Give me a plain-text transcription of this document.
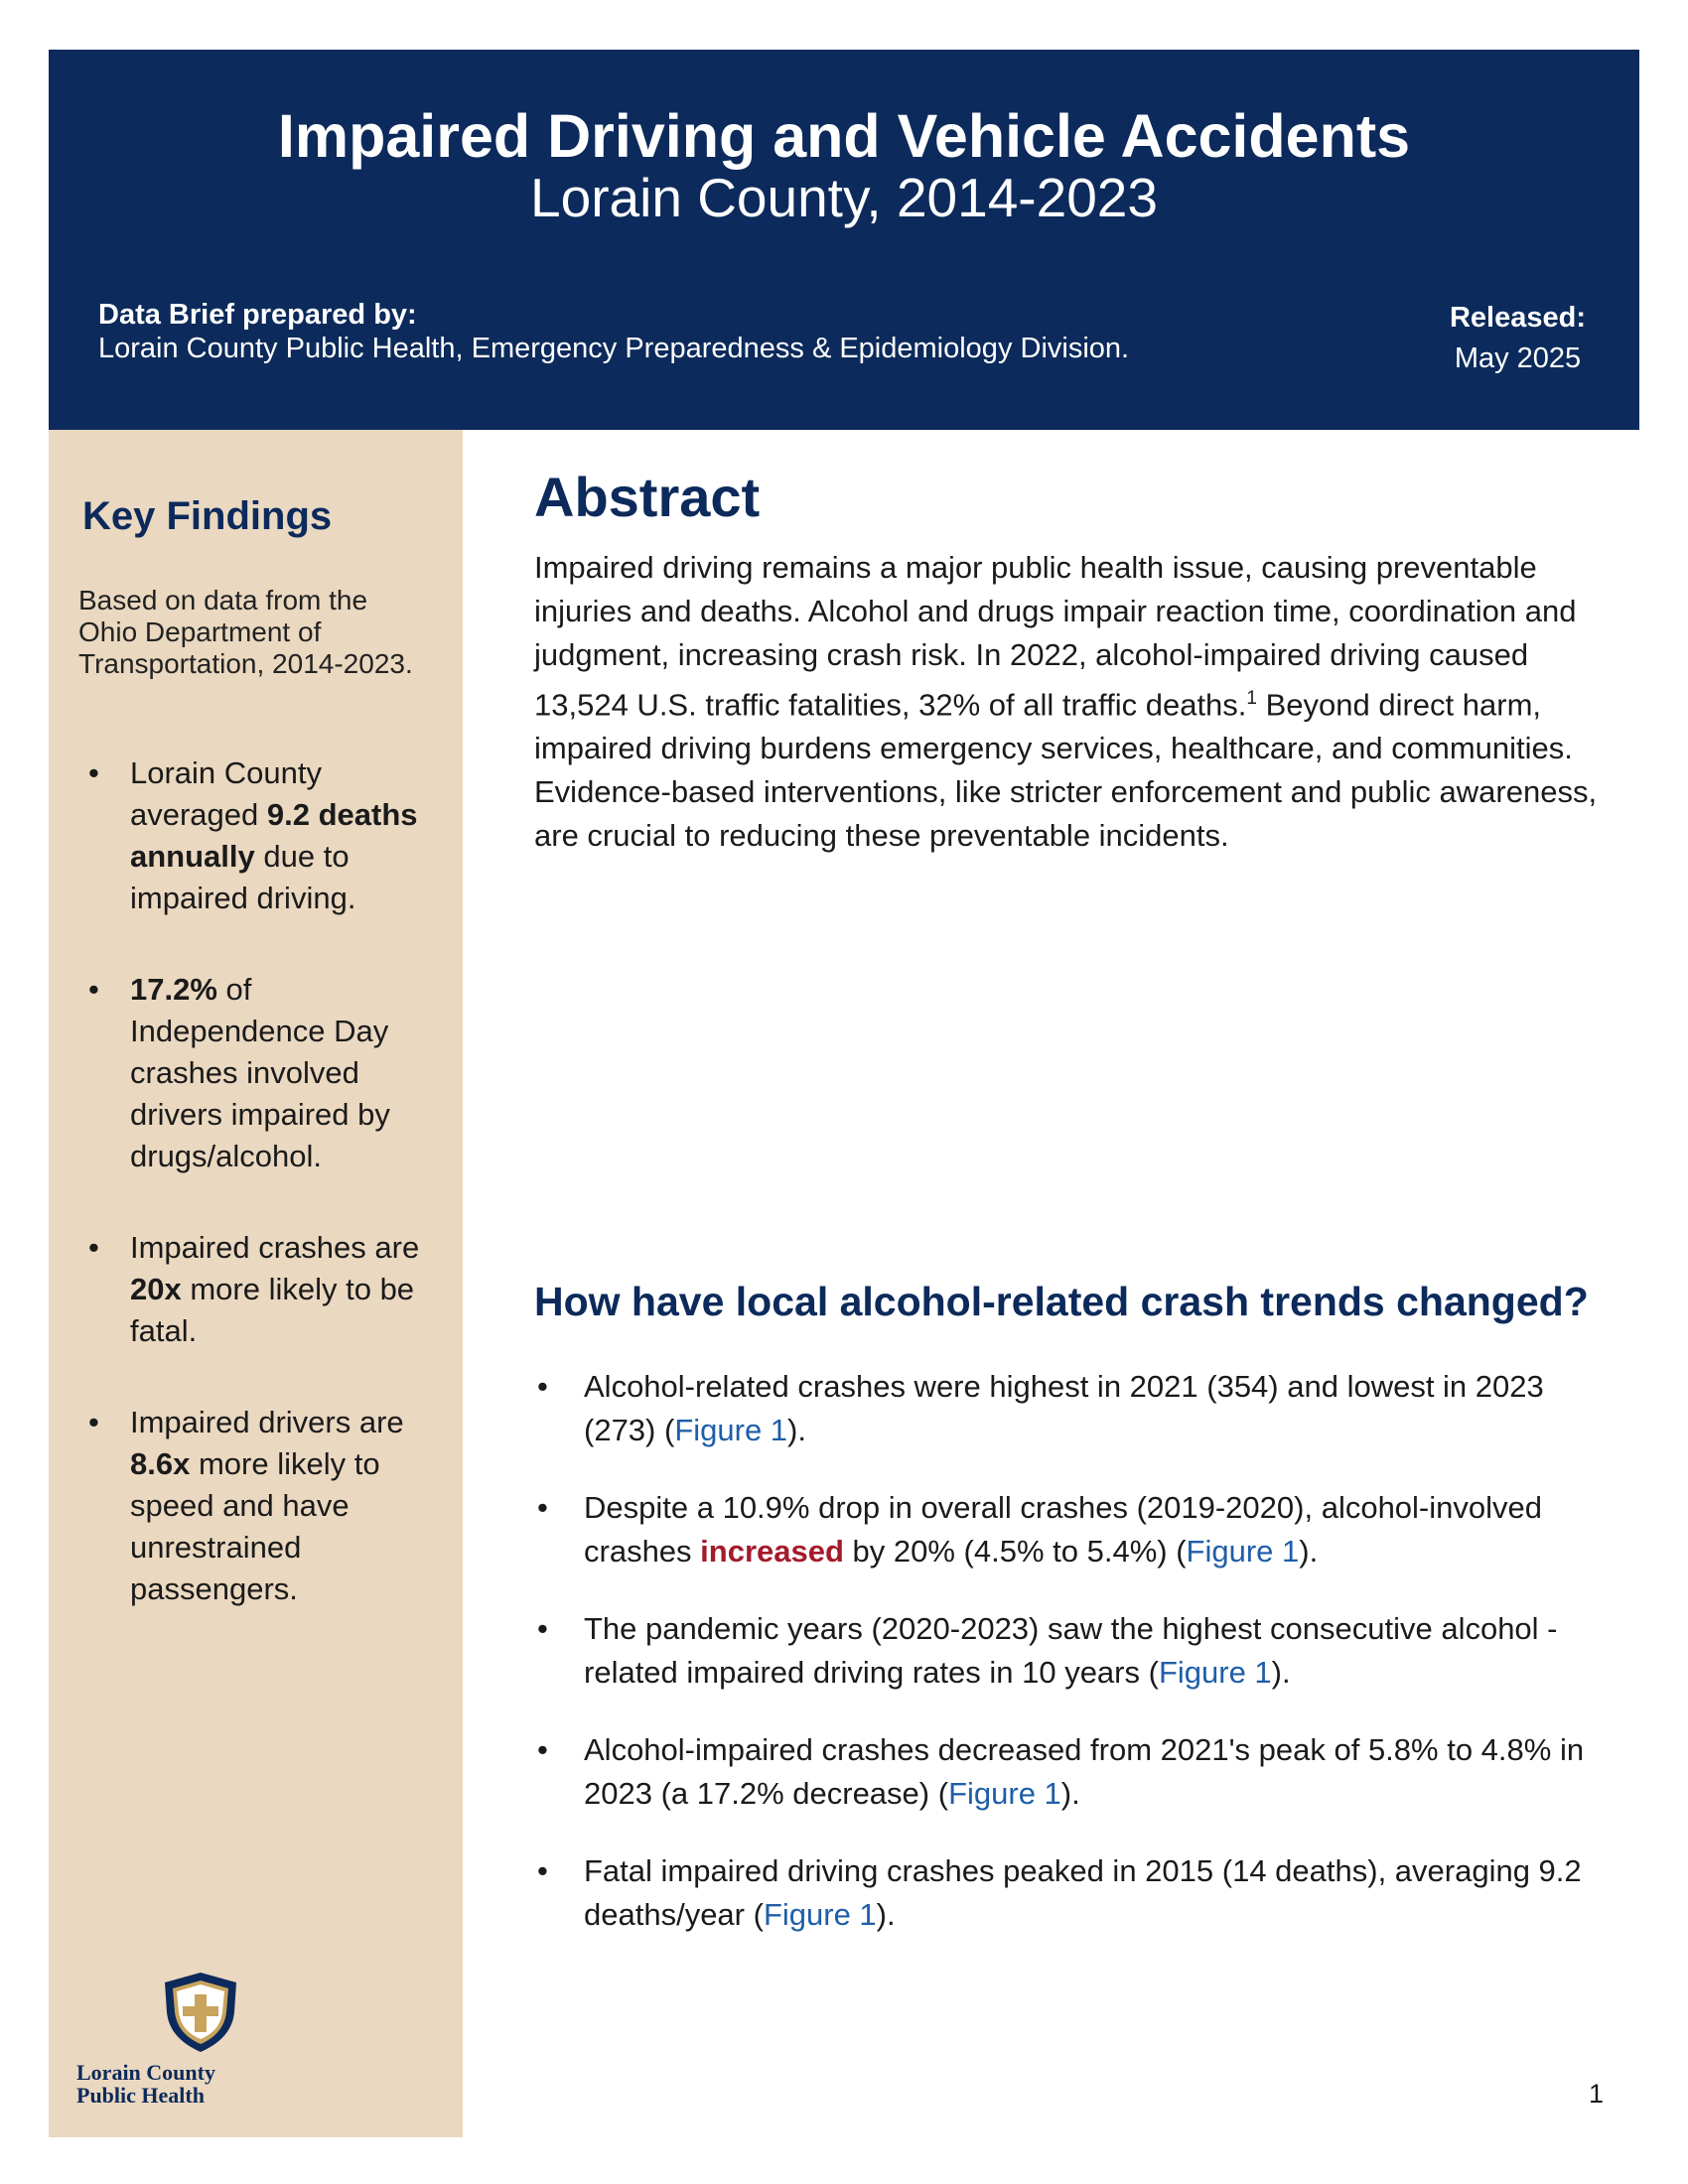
Impaired Driving and Vehicle Accidents
Lorain County, 2014-2023
Data Brief prepared by:
Lorain County Public Health, Emergency Preparedness & Epidemiology Division.
Released:
May 2025
Key Findings
Based on data from the Ohio Department of Transportation, 2014-2023.
• Lorain County averaged 9.2 deaths annually due to impaired driving.
• 17.2% of Independence Day crashes involved drivers impaired by drugs/alcohol.
• Impaired crashes are 20x more likely to be fatal.
• Impaired drivers are 8.6x more likely to speed and have unrestrained passengers.
Lorain County
Public Health
Abstract
Impaired driving remains a major public health issue, causing preventable injuries and deaths. Alcohol and drugs impair reaction time, coordination and judgment, increasing crash risk. In 2022, alcohol-impaired driving caused 13,524 U.S. traffic fatalities, 32% of all traffic deaths.$^1$ Beyond direct harm, impaired driving burdens emergency services, healthcare, and communities. Evidence-based interventions, like stricter enforcement and public awareness, are crucial to reducing these preventable incidents.
How have local alcohol-related crash trends changed?
• Alcohol-related crashes were highest in 2021 (354) and lowest in 2023 (273) (Figure 1).
• Despite a 10.9% drop in overall crashes (2019-2020), alcohol-involved crashes increased by 20% (4.5% to 5.4%) (Figure 1).
• The pandemic years (2020-2023) saw the highest consecutive alcohol -related impaired driving rates in 10 years (Figure 1).
• Alcohol-impaired crashes decreased from 2021's peak of 5.8% to 4.8% in 2023 (a 17.2% decrease) (Figure 1).
• Fatal impaired driving crashes peaked in 2015 (14 deaths), averaging 9.2 deaths/year (Figure 1).
1
